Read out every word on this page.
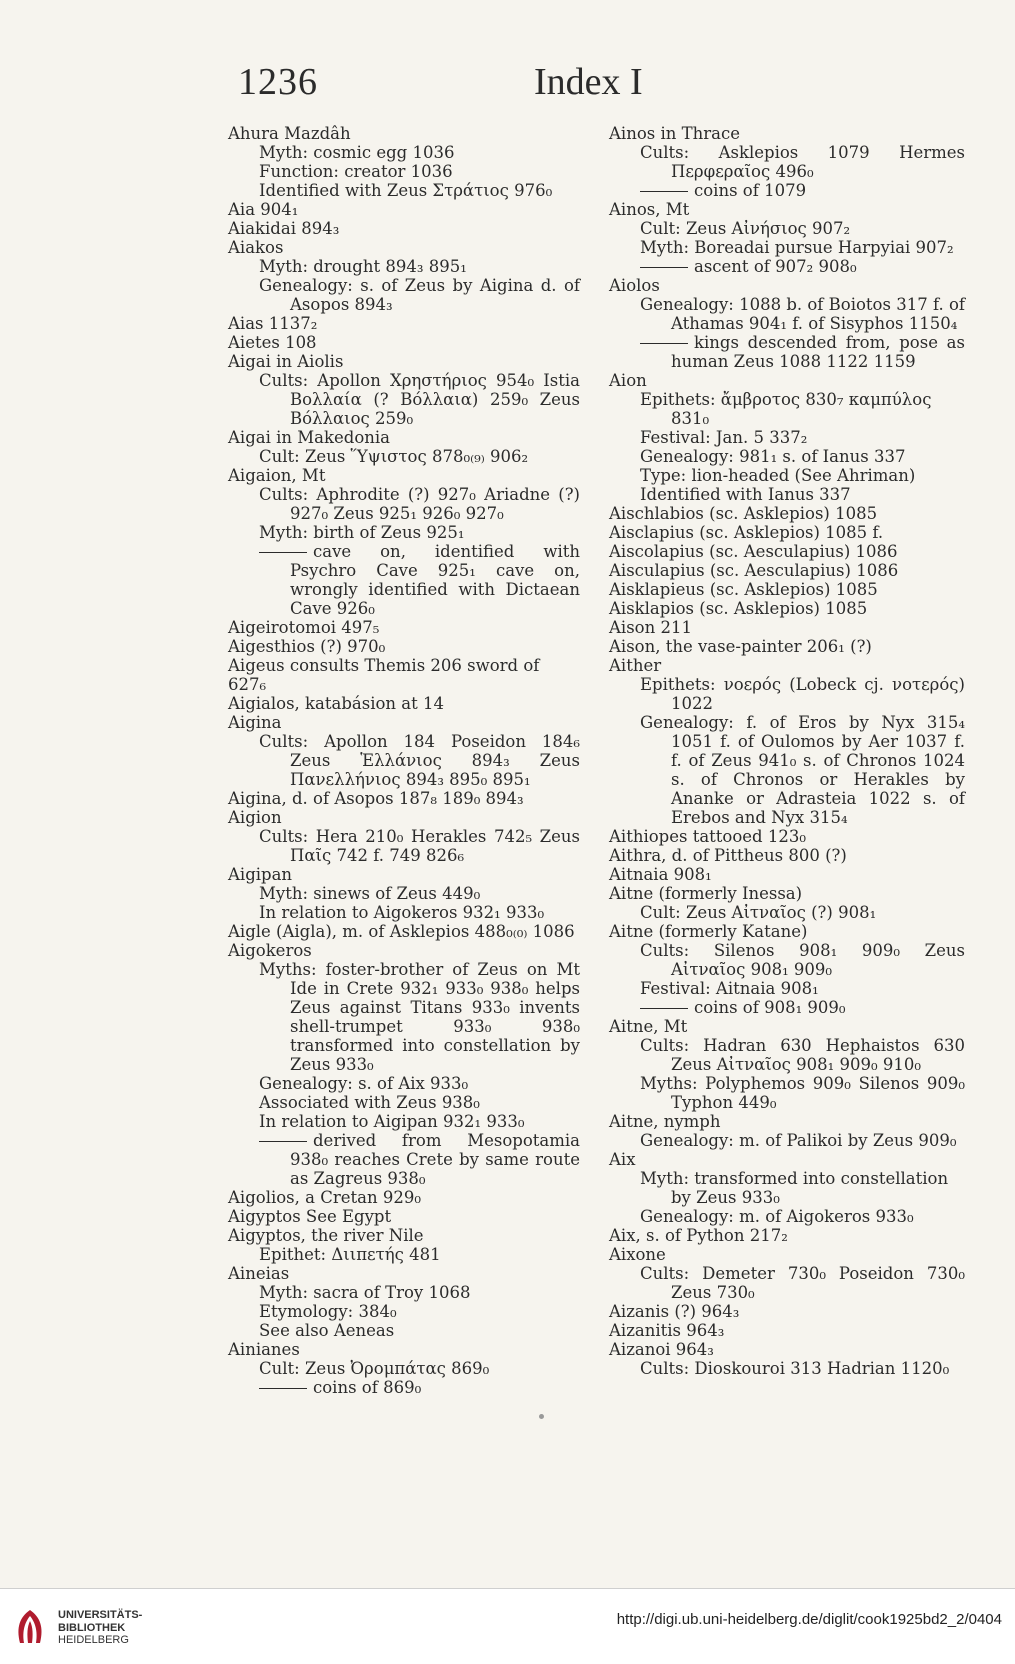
1236	Index I
Ahura Mazdâh
Myth: cosmic egg 1036
Function: creator 1036
Identified with Zeus Στράτιος 976₀
Aia 904₁
Aiakidai 894₃
Aiakos
Myth: drought 894₃ 895₁
Genealogy: s. of Zeus by Aigina d. of Asopos 894₃
Aias 1137₂
Aietes 108
Aigai in Aiolis
Cults: Apollon Χρηστήριος 954₀ Istia Βολλαία (? Βόλλαια) 259₀ Zeus Βόλλαιος 259₀
Aigai in Makedonia
Cult: Zeus Ὕψιστος 878₀₍₉₎ 906₂
Aigaion, Mt
Cults: Aphrodite (?) 927₀ Ariadne (?) 927₀ Zeus 925₁ 926₀ 927₀
Myth: birth of Zeus 925₁
cave on, identified with Psychro Cave 925₁ cave on, wrongly identified with Dictaean Cave 926₀
Aigeirotomoi 497₅
Aigesthios (?) 970₀
Aigeus consults Themis 206 sword of 627₆
Aigialos, katabásion at 14
Aigina
Cults: Apollon 184 Poseidon 184₆ Zeus Ἑλλάνιος 894₃ Zeus Πανελλήνιος 894₃ 895₀ 895₁
Aigina, d. of Asopos 187₈ 189₀ 894₃
Aigion
Cults: Hera 210₀ Herakles 742₅ Zeus Παῖς 742 f. 749 826₆
Aigipan
Myth: sinews of Zeus 449₀
In relation to Aigokeros 932₁ 933₀
Aigle (Aigla), m. of Asklepios 488₀₍₀₎ 1086
Aigokeros
Myths: foster-brother of Zeus on Mt Ide in Crete 932₁ 933₀ 938₀ helps Zeus against Titans 933₀ invents shell-trumpet 933₀ 938₀ transformed into constellation by Zeus 933₀
Genealogy: s. of Aix 933₀
Associated with Zeus 938₀
In relation to Aigipan 932₁ 933₀
derived from Mesopotamia 938₀ reaches Crete by same route as Zagreus 938₀
Aigolios, a Cretan 929₀
Aigyptos See Egypt
Aigyptos, the river Nile
Epithet: Διιπετής 481
Aineias
Myth: sacra of Troy 1068
Etymology: 384₀
See also Aeneas
Ainianes
Cult: Zeus Ὀρομπάτας 869₀
coins of 869₀
Ainos in Thrace
Cults: Asklepios 1079 Hermes Περφεραῖος 496₀
coins of 1079
Ainos, Mt
Cult: Zeus Αἰνήσιος 907₂
Myth: Boreadai pursue Harpyiai 907₂
ascent of 907₂ 908₀
Aiolos
Genealogy: 1088 b. of Boiotos 317 f. of Athamas 904₁ f. of Sisyphos 1150₄
kings descended from, pose as human Zeus 1088 1122 1159
Aion
Epithets: ἄμβροτος 830₇ καμπύλος 831₀
Festival: Jan. 5 337₂
Genealogy: 981₁ s. of Ianus 337
Type: lion-headed (See Ahriman)
Identified with Ianus 337
Aischlabios (sc. Asklepios) 1085
Aisclapius (sc. Asklepios) 1085 f.
Aiscolapius (sc. Aesculapius) 1086
Aisculapius (sc. Aesculapius) 1086
Aisklapieus (sc. Asklepios) 1085
Aisklapios (sc. Asklepios) 1085
Aison 211
Aison, the vase-painter 206₁ (?)
Aither
Epithets: νοερός (Lobeck cj. νοτερός) 1022
Genealogy: f. of Eros by Nyx 315₄ 1051 f. of Oulomos by Aer 1037 f. f. of Zeus 941₀ s. of Chronos 1024 s. of Chronos or Herakles by Ananke or Adrasteia 1022 s. of Erebos and Nyx 315₄
Aithiopes tattooed 123₀
Aithra, d. of Pittheus 800 (?)
Aitnaia 908₁
Aitne (formerly Inessa)
Cult: Zeus Αἰτναῖος (?) 908₁
Aitne (formerly Katane)
Cults: Silenos 908₁ 909₀ Zeus Αἰτναῖος 908₁ 909₀
Festival: Aitnaia 908₁
coins of 908₁ 909₀
Aitne, Mt
Cults: Hadran 630 Hephaistos 630 Zeus Αἰτναῖος 908₁ 909₀ 910₀
Myths: Polyphemos 909₀ Silenos 909₀ Typhon 449₀
Aitne, nymph
Genealogy: m. of Palikoi by Zeus 909₀
Aix
Myth: transformed into constellation by Zeus 933₀
Genealogy: m. of Aigokeros 933₀
Aix, s. of Python 217₂
Aixone
Cults: Demeter 730₀ Poseidon 730₀ Zeus 730₀
Aizanis (?) 964₃
Aizanitis 964₃
Aizanoi 964₃
Cults: Dioskouroi 313 Hadrian 1120₀
UNIVERSITÄTS-
BIBLIOTHEK
HEIDELBERG
http://digi.ub.uni-heidelberg.de/diglit/cook1925bd2_2/0404
